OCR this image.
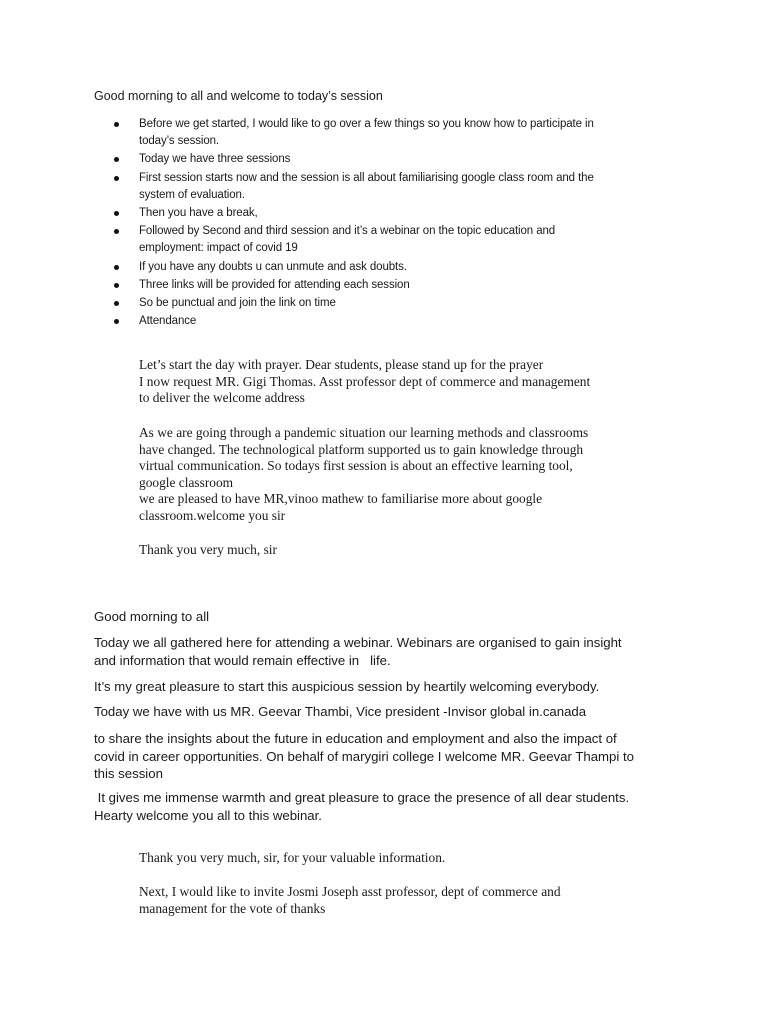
Good morning to all and welcome to today’s session
Before we get started, I would like to go over a few things so you know how to participate in
today’s session.
Today we have three sessions
First session starts now and the session is all about familiarising google class room and the
system of evaluation.
Then you have a break,
Followed by Second and third session and it’s a webinar on the topic education and
employment: impact of covid 19
If you have any doubts u can unmute and ask doubts.
Three links will be provided for attending each session
So be punctual and join the link on time
Attendance

Let’s start the day with prayer. Dear students, please stand up for the prayer
I now request MR. Gigi Thomas. Asst professor dept of commerce and management
to deliver the welcome address

As we are going through a pandemic situation our learning methods and classrooms
have changed. The technological platform supported us to gain knowledge through
virtual communication. So todays first session is about an effective learning tool,
google classroom
we are pleased to have MR,vinoo mathew to familiarise more about google
classroom.welcome you sir

Thank you very much, sir

Good morning to all

Today we all gathered here for attending a webinar. Webinars are organised to gain insight
and information that would remain effective in   life.

It’s my great pleasure to start this auspicious session by heartily welcoming everybody.

Today we have with us MR. Geevar Thambi, Vice president -Invisor global in.canada

to share the insights about the future in education and employment and also the impact of
covid in career opportunities. On behalf of marygiri college I welcome MR. Geevar Thampi to
this session

It gives me immense warmth and great pleasure to grace the presence of all dear students.
Hearty welcome you all to this webinar.

Thank you very much, sir, for your valuable information.

Next, I would like to invite Josmi Joseph asst professor, dept of commerce and
management for the vote of thanks
